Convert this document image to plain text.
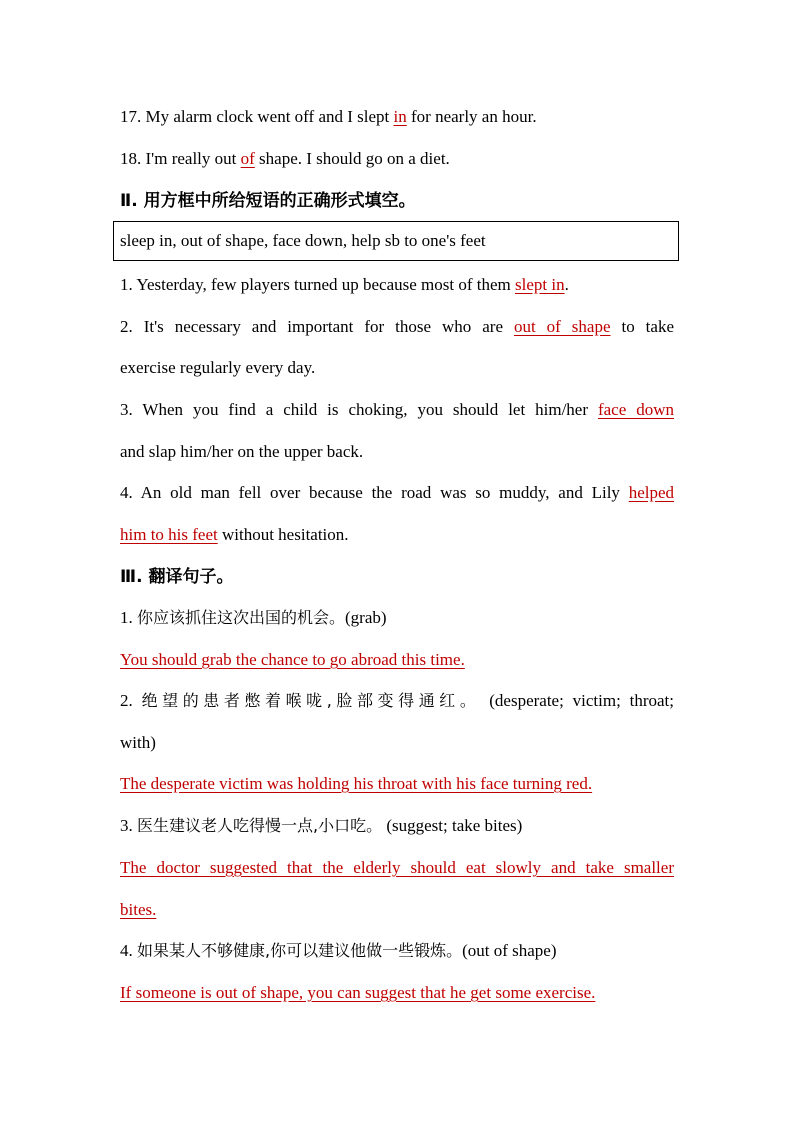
17. My alarm clock went off and I slept in for nearly an hour.
18. I'm really out of shape. I should go on a diet.
Ⅱ. 用方框中所给短语的正确形式填空。
sleep in, out of shape, face down, help sb to one's feet
1. Yesterday, few players turned up because most of them slept in.
2. It's necessary and important for those who are out of shape to take
exercise regularly every day.
3. When you find a child is choking, you should let him/her face down
and slap him/her on the upper back.
4. An old man fell over because the road was so muddy, and Lily helped
him to his feet without hesitation.
Ⅲ. 翻译句子。
1. 你应该抓住这次出国的机会。(grab)
You should grab the chance to go abroad this time.
2. 绝望的患者憋着喉咙,脸部变得通红。 (desperate; victim; throat;
with)
The desperate victim was holding his throat with his face turning red.
3. 医生建议老人吃得慢一点,小口吃。 (suggest; take bites)
The doctor suggested that the elderly should eat slowly and take smaller
bites.
4. 如果某人不够健康,你可以建议他做一些锻炼。(out of shape)
If someone is out of shape, you can suggest that he get some exercise.
